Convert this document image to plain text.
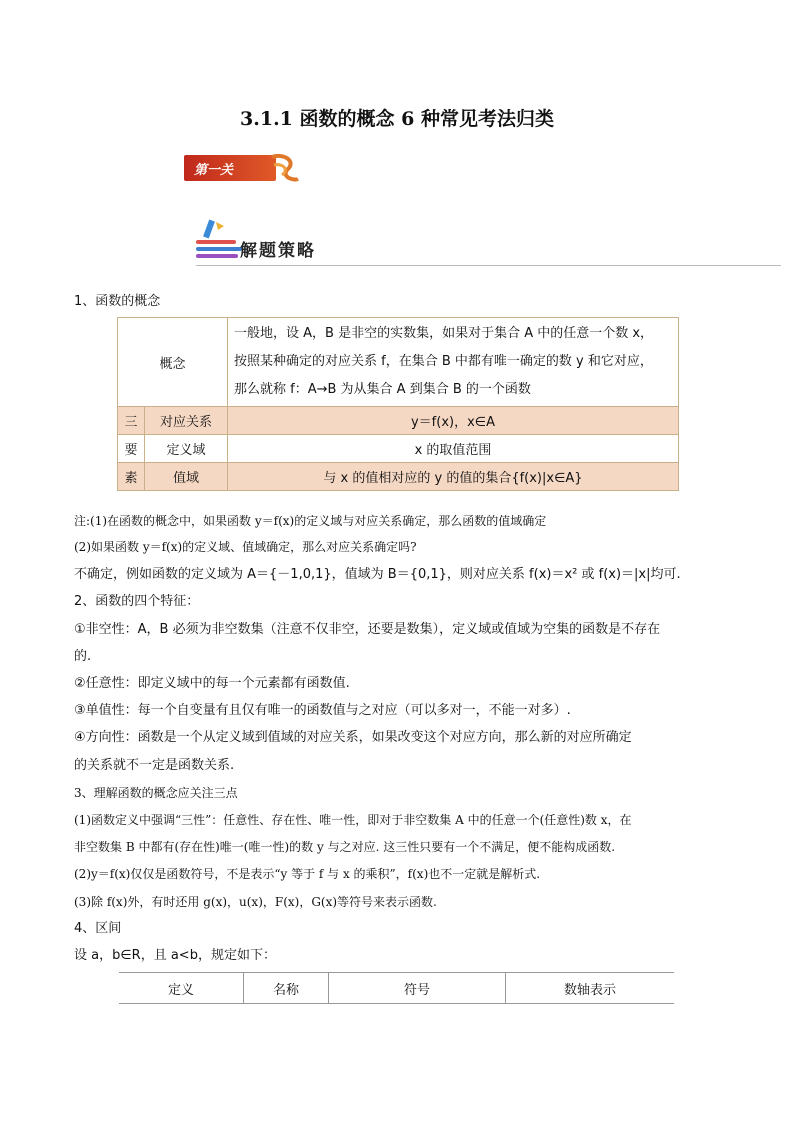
3.1.1 函数的概念 6 种常见考法归类
第一关
解题策略
1、函数的概念
概念		一般地，设 A，B 是非空的实数集，如果对于集合 A 中的任意一个数 x，
按照某种确定的对应关系 f，在集合 B 中都有唯一确定的数 y 和它对应，
那么就称 f：A→B 为从集合 A 到集合 B 的一个函数

三	对应关系	y＝f(x)，x∈A
要	定义域	x 的取值范围
素	值域	与 x 的值相对应的 y 的值的集合{f(x)|x∈A}
注:(1)在函数的概念中，如果函数 y＝f(x)的定义域与对应关系确定，那么函数的值域确定
(2)如果函数 y＝f(x)的定义域、值域确定，那么对应关系确定吗?
不确定，例如函数的定义域为 A＝{－1,0,1}，值域为 B＝{0,1}，则对应关系 f(x)＝x² 或 f(x)＝|x|均可.
2、函数的四个特征：
①非空性：A，B 必须为非空数集（注意不仅非空，还要是数集），定义域或值域为空集的函数是不存在
的.
②任意性：即定义域中的每一个元素都有函数值.
③单值性：每一个自变量有且仅有唯一的函数值与之对应（可以多对一，不能一对多）.
④方向性：函数是一个从定义域到值域的对应关系，如果改变这个对应方向，那么新的对应所确定
的关系就不一定是函数关系.
3、理解函数的概念应关注三点
(1)函数定义中强调“三性”：任意性、存在性、唯一性，即对于非空数集 A 中的任意一个(任意性)数 x，在
非空数集 B 中都有(存在性)唯一(唯一性)的数 y 与之对应. 这三性只要有一个不满足，便不能构成函数.
(2)y＝f(x)仅仅是函数符号，不是表示“y 等于 f 与 x 的乘积”，f(x)也不一定就是解析式.
(3)除 f(x)外，有时还用 g(x)，u(x)，F(x)，G(x)等符号来表示函数.
4、区间
设 a，b∈R，且 a<b，规定如下：
定义	名称	符号	数轴表示
